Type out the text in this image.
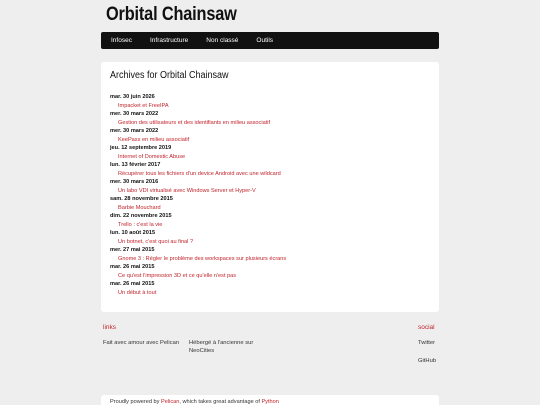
Orbital Chainsaw
Infosec	Infrastructure	Non classé	Outils
Archives for Orbital Chainsaw
mar. 30 juin 2026
Impacket et FreeIPA
mer. 30 mars 2022
Gestion des utilisateurs et des identifiants en milieu associatif
mer. 30 mars 2022
KeePass en milieu associatif
jeu. 12 septembre 2019
Internet of Domestic Abuse
lun. 13 février 2017
Récupérer tous les fichiers d'un device Android avec une wildcard
mer. 30 mars 2016
Un labo VDI virtualisé avec Windows Server et Hyper-V
sam. 28 novembre 2015
Barbie Mouchard
dim. 22 novembre 2015
Trello : c'est la vie
lun. 10 août 2015
Un botnet, c'est quoi au final ?
mer. 27 mai 2015
Gnome 3 : Régler le problème des workspaces sur plusieurs écrans
mar. 26 mai 2015
Ce qu'est l'impression 3D et ce qu'elle n'est pas
mar. 26 mai 2015
Un début à tout
links
Fait avec amour avec Pelican	Hébergé à l'ancienne sur NeoCities
social
Twitter
GitHub
Proudly powered by Pelican, which takes great advantage of Python
